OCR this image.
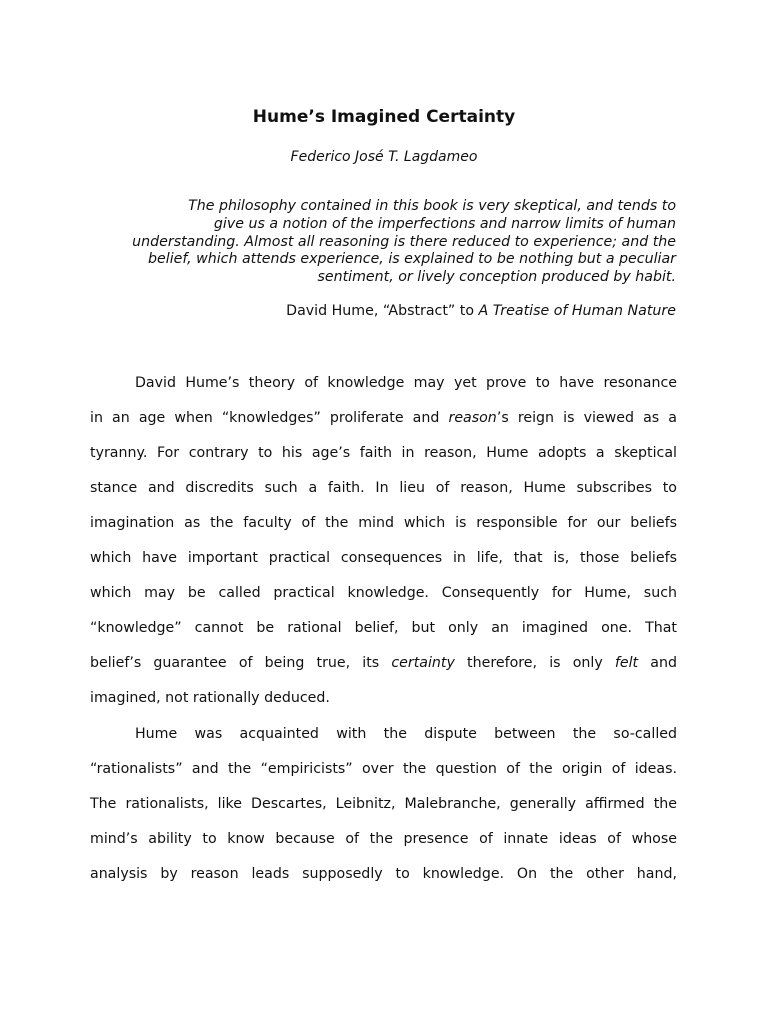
Hume’s Imagined Certainty
Federico José T. Lagdameo
The philosophy contained in this book is very skeptical, and tends to
give us a notion of the imperfections and narrow limits of human
understanding. Almost all reasoning is there reduced to experience; and the
belief, which attends experience, is explained to be nothing but a peculiar
sentiment, or lively conception produced by habit.
David Hume, “Abstract” to A Treatise of Human Nature
David Hume’s theory of knowledge may yet prove to have resonance
in an age when “knowledges” proliferate and reason’s reign is viewed as a
tyranny. For contrary to his age’s faith in reason, Hume adopts a skeptical
stance and discredits such a faith. In lieu of reason, Hume subscribes to
imagination as the faculty of the mind which is responsible for our beliefs
which have important practical consequences in life, that is, those beliefs
which may be called practical knowledge. Consequently for Hume, such
“knowledge” cannot be rational belief, but only an imagined one. That
belief’s guarantee of being true, its certainty therefore, is only felt and
imagined, not rationally deduced.
Hume was acquainted with the dispute between the so-called
“rationalists” and the “empiricists” over the question of the origin of ideas.
The rationalists, like Descartes, Leibnitz, Malebranche, generally affirmed the
mind’s ability to know because of the presence of innate ideas of whose
analysis by reason leads supposedly to knowledge. On the other hand,
